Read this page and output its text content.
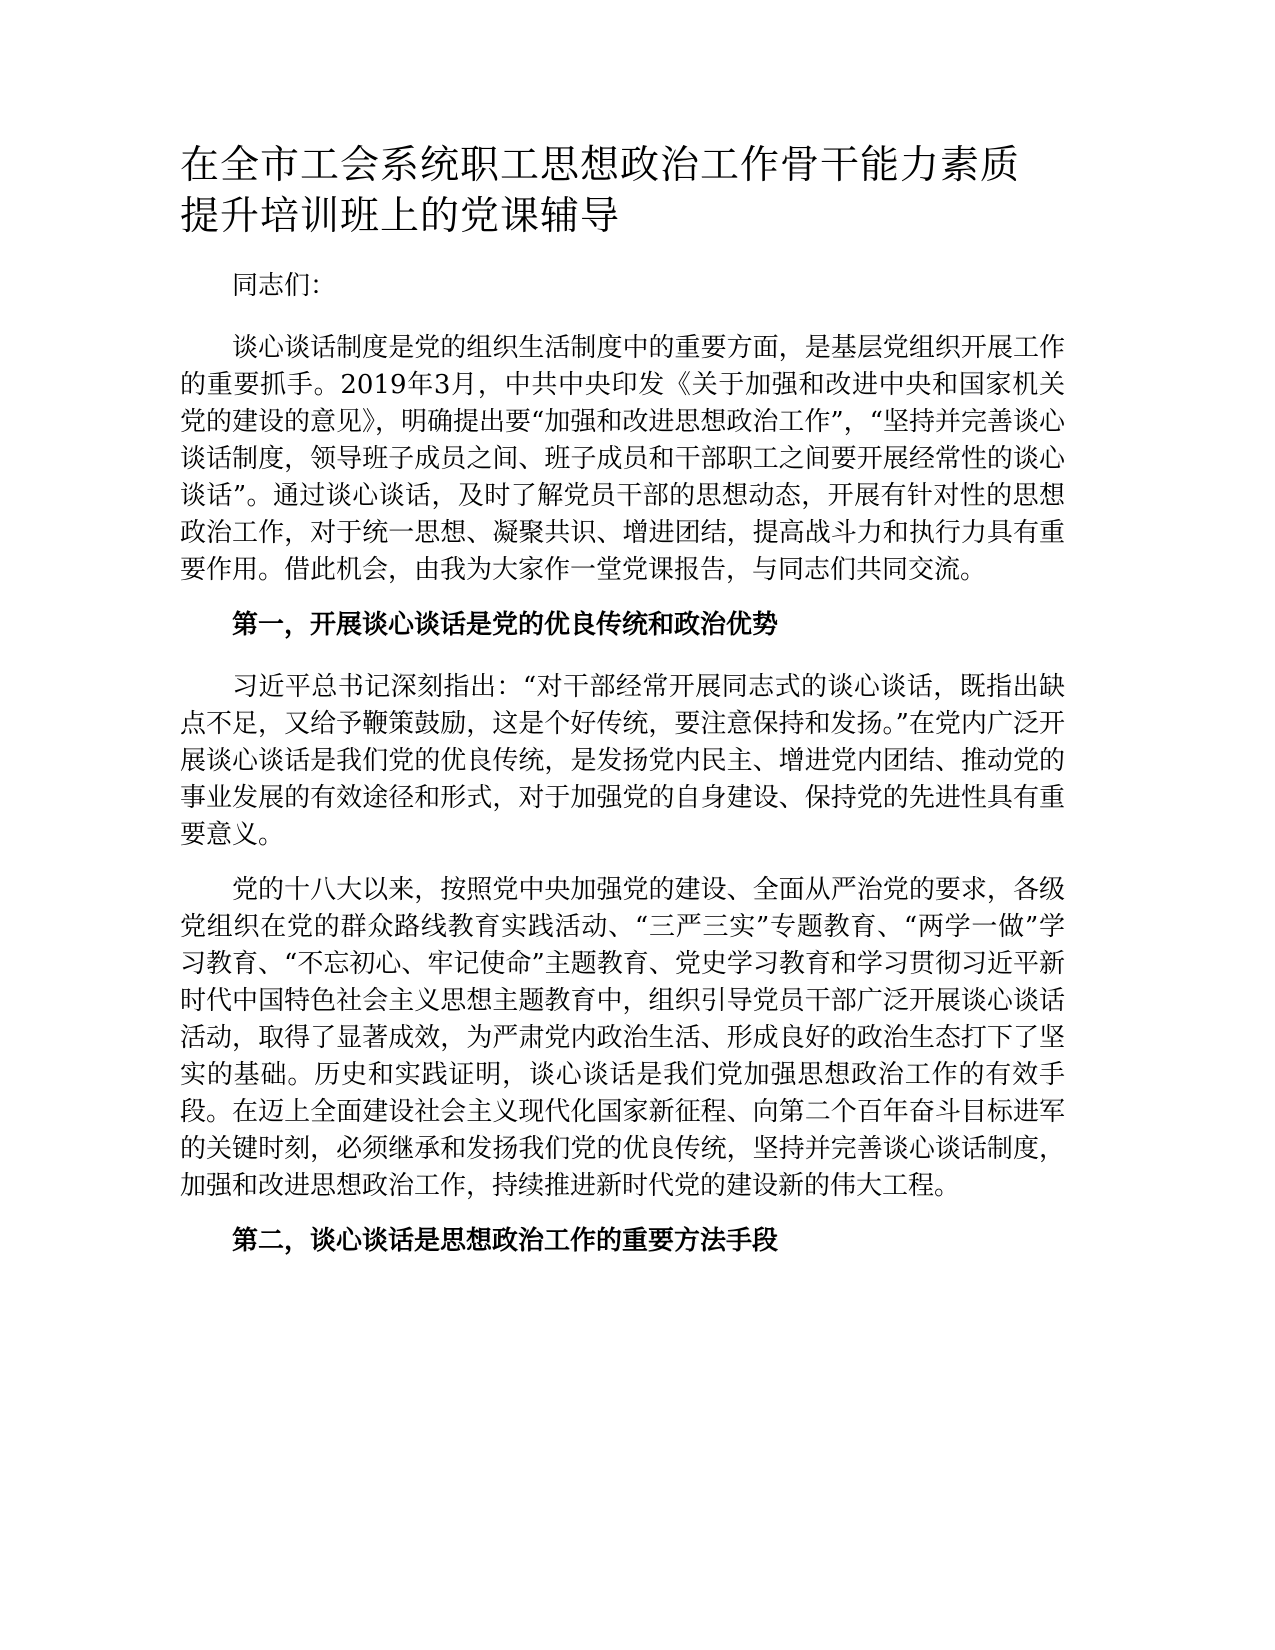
在全市工会系统职工思想政治工作骨干能力素质
提升培训班上的党课辅导

同志们：

谈心谈话制度是党的组织生活制度中的重要方面，是基层党组织开展工作的重要抓手。2019年3月，中共中央印发《关于加强和改进中央和国家机关党的建设的意见》，明确提出要“加强和改进思想政治工作”，“坚持并完善谈心谈话制度，领导班子成员之间、班子成员和干部职工之间要开展经常性的谈心谈话”。通过谈心谈话，及时了解党员干部的思想动态，开展有针对性的思想政治工作，对于统一思想、凝聚共识、增进团结，提高战斗力和执行力具有重要作用。借此机会，由我为大家作一堂党课报告，与同志们共同交流。

第一，开展谈心谈话是党的优良传统和政治优势

习近平总书记深刻指出：“对干部经常开展同志式的谈心谈话，既指出缺点不足，又给予鞭策鼓励，这是个好传统，要注意保持和发扬。”在党内广泛开展谈心谈话是我们党的优良传统，是发扬党内民主、增进党内团结、推动党的事业发展的有效途径和形式，对于加强党的自身建设、保持党的先进性具有重要意义。

党的十八大以来，按照党中央加强党的建设、全面从严治党的要求，各级党组织在党的群众路线教育实践活动、“三严三实”专题教育、“两学一做”学习教育、“不忘初心、牢记使命”主题教育、党史学习教育和学习贯彻习近平新时代中国特色社会主义思想主题教育中，组织引导党员干部广泛开展谈心谈话活动，取得了显著成效，为严肃党内政治生活、形成良好的政治生态打下了坚实的基础。历史和实践证明，谈心谈话是我们党加强思想政治工作的有效手段。在迈上全面建设社会主义现代化国家新征程、向第二个百年奋斗目标进军的关键时刻，必须继承和发扬我们党的优良传统，坚持并完善谈心谈话制度，加强和改进思想政治工作，持续推进新时代党的建设新的伟大工程。

第二，谈心谈话是思想政治工作的重要方法手段
